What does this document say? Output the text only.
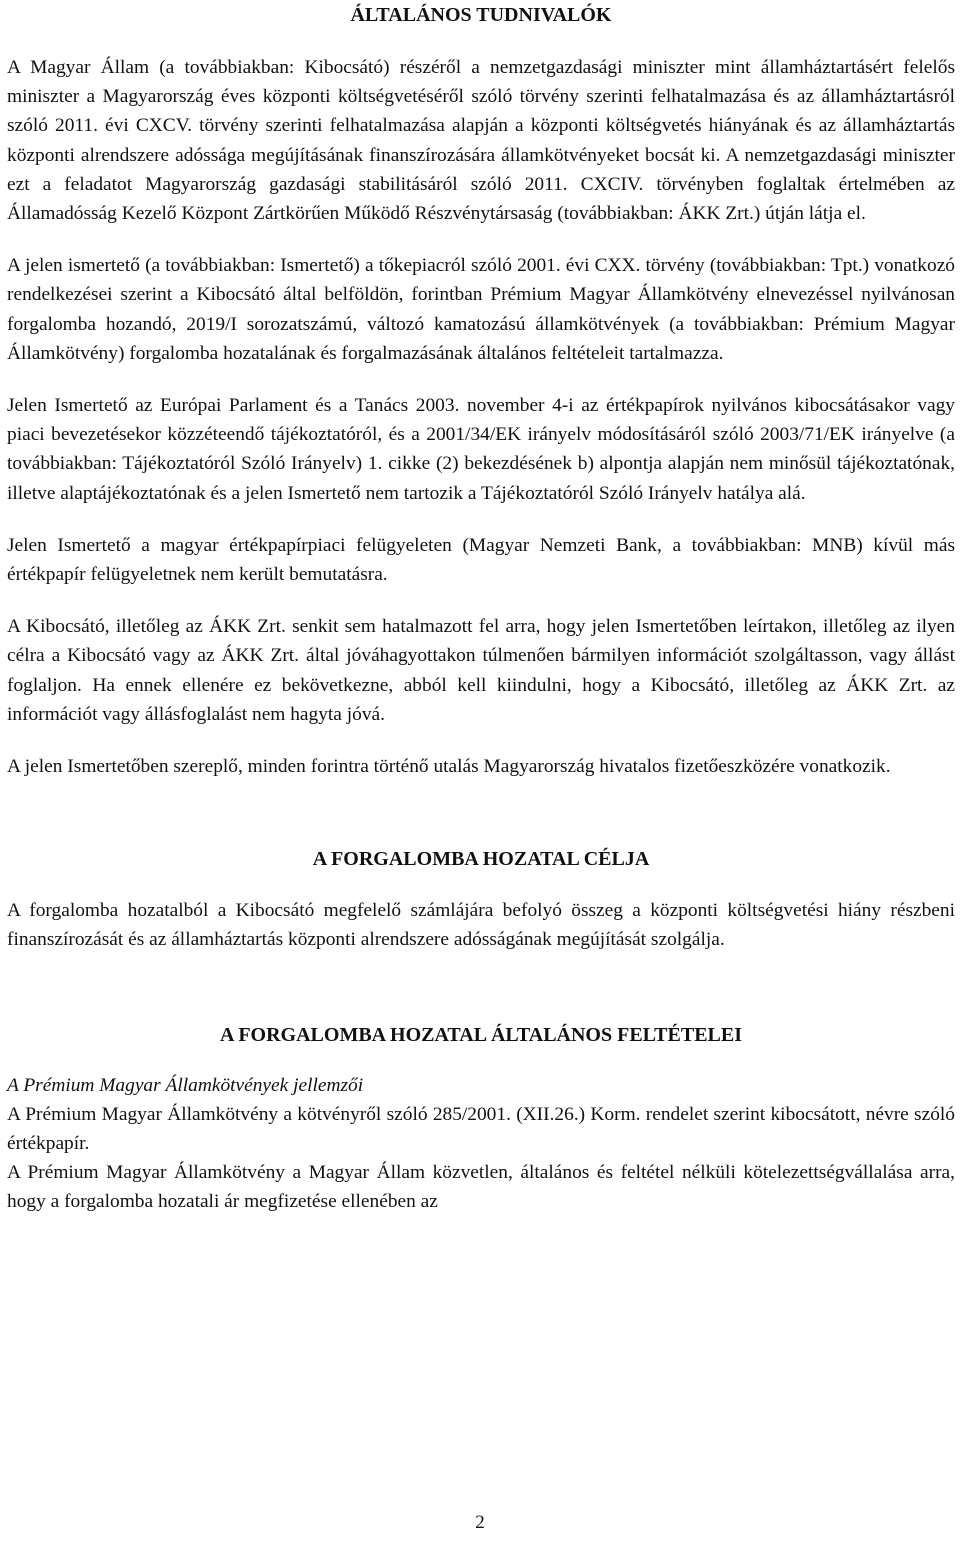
ÁLTALÁNOS TUDNIVALÓK

A Magyar Állam (a továbbiakban: Kibocsátó) részéről a nemzetgazdasági miniszter mint államháztartásért felelős miniszter a Magyarország éves központi költségvetéséről szóló törvény szerinti felhatalmazása és az államháztartásról szóló 2011. évi CXCV. törvény szerinti felhatalmazása alapján a központi költségvetés hiányának és az államháztartás központi alrendszere adóssága megújításának finanszírozására államkötvényeket bocsát ki. A nemzetgazdasági miniszter ezt a feladatot Magyarország gazdasági stabilitásáról szóló 2011. CXCIV. törvényben foglaltak értelmében az Államadósság Kezelő Központ Zártkörűen Működő Részvénytársaság (továbbiakban: ÁKK Zrt.) útján látja el.

A jelen ismertető (a továbbiakban: Ismertető) a tőkepiacról szóló 2001. évi CXX. törvény (továbbiakban: Tpt.) vonatkozó rendelkezései szerint a Kibocsátó által belföldön, forintban Prémium Magyar Államkötvény elnevezéssel nyilvánosan forgalomba hozandó, 2019/I sorozatszámú, változó kamatozású államkötvények (a továbbiakban: Prémium Magyar Államkötvény) forgalomba hozatalának és forgalmazásának általános feltételeit tartalmazza.

Jelen Ismertető az Európai Parlament és a Tanács 2003. november 4-i az értékpapírok nyilvános kibocsátásakor vagy piaci bevezetésekor közzéteendő tájékoztatóról, és a 2001/34/EK irányelv módosításáról szóló 2003/71/EK irányelve (a továbbiakban: Tájékoztatóról Szóló Irányelv) 1. cikke (2) bekezdésének b) alpontja alapján nem minősül tájékoztatónak, illetve alaptájékoztatónak és a jelen Ismertető nem tartozik a Tájékoztatóról Szóló Irányelv hatálya alá.

Jelen Ismertető a magyar értékpapírpiaci felügyeleten (Magyar Nemzeti Bank, a továbbiakban: MNB) kívül más értékpapír felügyeletnek nem került bemutatásra.

A Kibocsátó, illetőleg az ÁKK Zrt. senkit sem hatalmazott fel arra, hogy jelen Ismertetőben leírtakon, illetőleg az ilyen célra a Kibocsátó vagy az ÁKK Zrt. által jóváhagyottakon túlmenően bármilyen információt szolgáltasson, vagy állást foglaljon. Ha ennek ellenére ez bekövetkezne, abból kell kiindulni, hogy a Kibocsátó, illetőleg az ÁKK Zrt. az információt vagy állásfoglalást nem hagyta jóvá.

A jelen Ismertetőben szereplő, minden forintra történő utalás Magyarország hivatalos fizetőeszközére vonatkozik.

A FORGALOMBA HOZATAL CÉLJA

A forgalomba hozatalból a Kibocsátó megfelelő számlájára befolyó összeg a központi költségvetési hiány részbeni finanszírozását és az államháztartás központi alrendszere adósságának megújítását szolgálja.

A FORGALOMBA HOZATAL ÁLTALÁNOS FELTÉTELEI

A Prémium Magyar Államkötvények jellemzői

A Prémium Magyar Államkötvény a kötvényről szóló 285/2001. (XII.26.) Korm. rendelet szerint kibocsátott, névre szóló értékpapír.

A Prémium Magyar Államkötvény a Magyar Állam közvetlen, általános és feltétel nélküli kötelezettségvállalása arra, hogy a forgalomba hozatali ár megfizetése ellenében az

2
